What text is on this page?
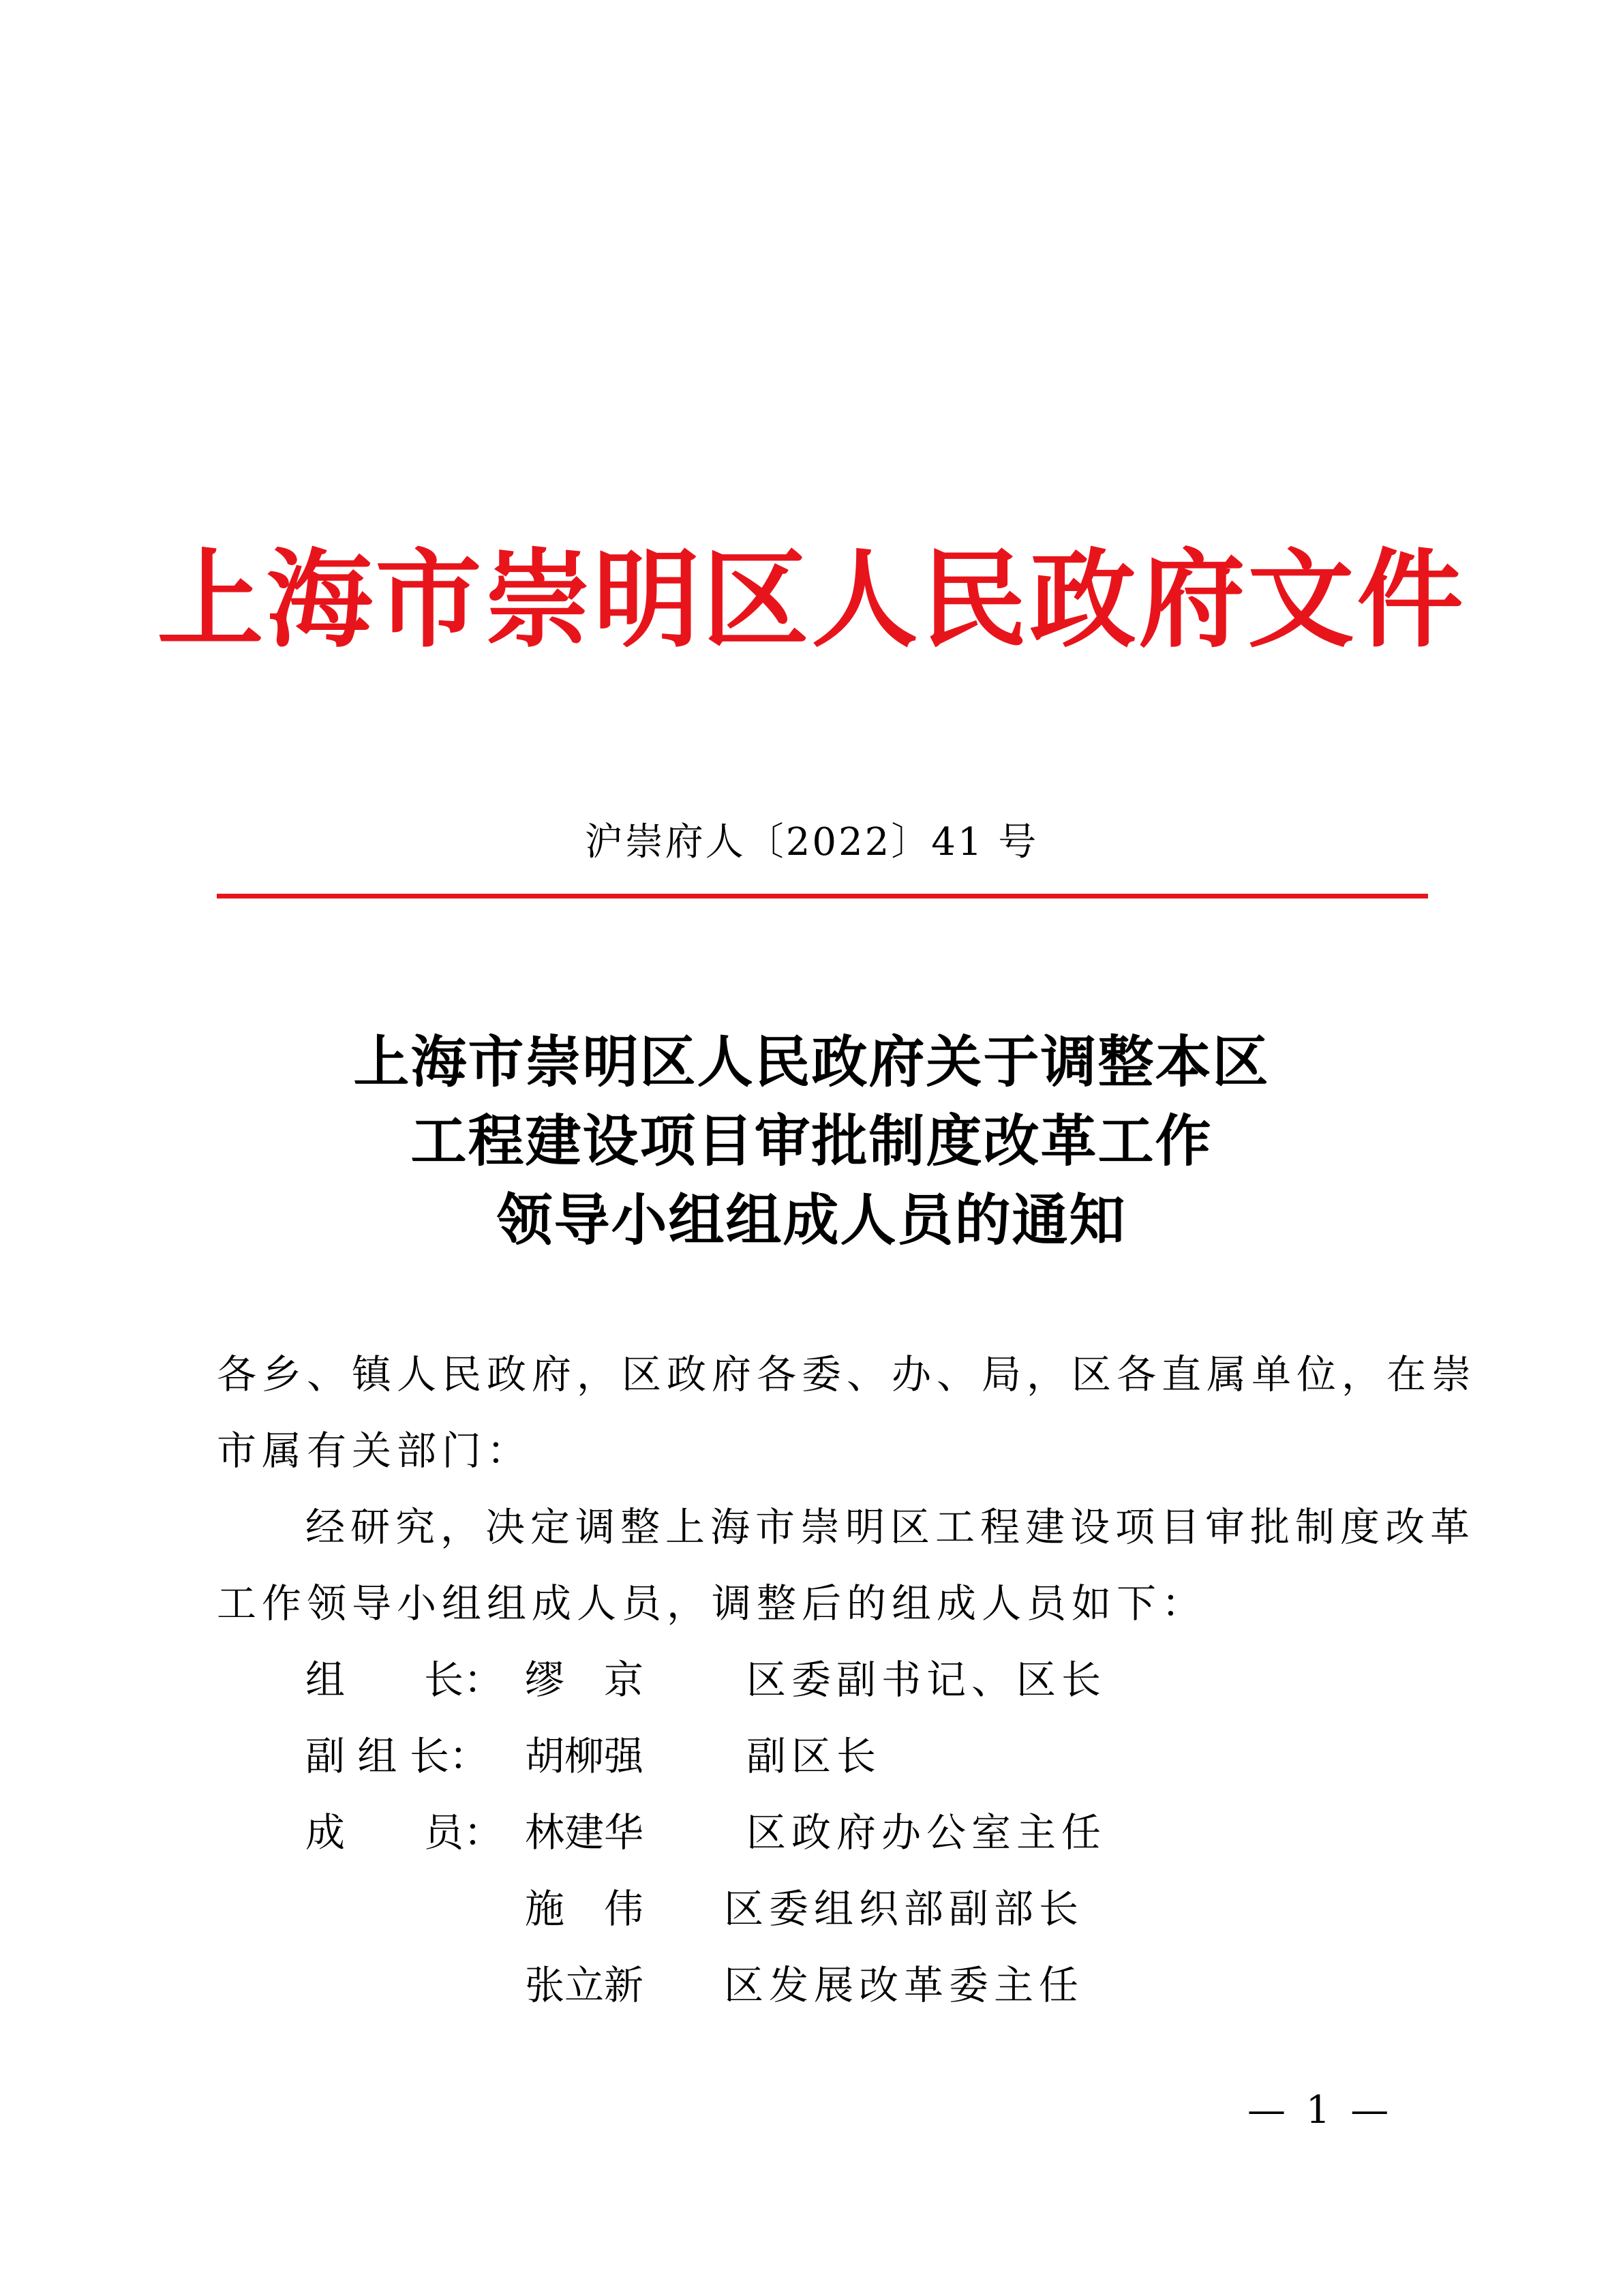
上海市崇明区人民政府文件
沪崇府人〔2022〕41 号
上海市崇明区人民政府关于调整本区
工程建设项目审批制度改革工作
领导小组组成人员的通知
各乡、镇人民政府，区政府各委、办、局，区各直属单位，在崇
市属有关部门：
经研究，决定调整上海市崇明区工程建设项目审批制度改革
工作领导小组组成人员，调整后的组成人员如下：
组　　长： 缪　京	区委副书记、区长
副 组 长： 胡柳强	副区长
成　　员： 林建华	区政府办公室主任
施　伟 区委组织部副部长
张立新 区发展改革委主任
— 1 —
